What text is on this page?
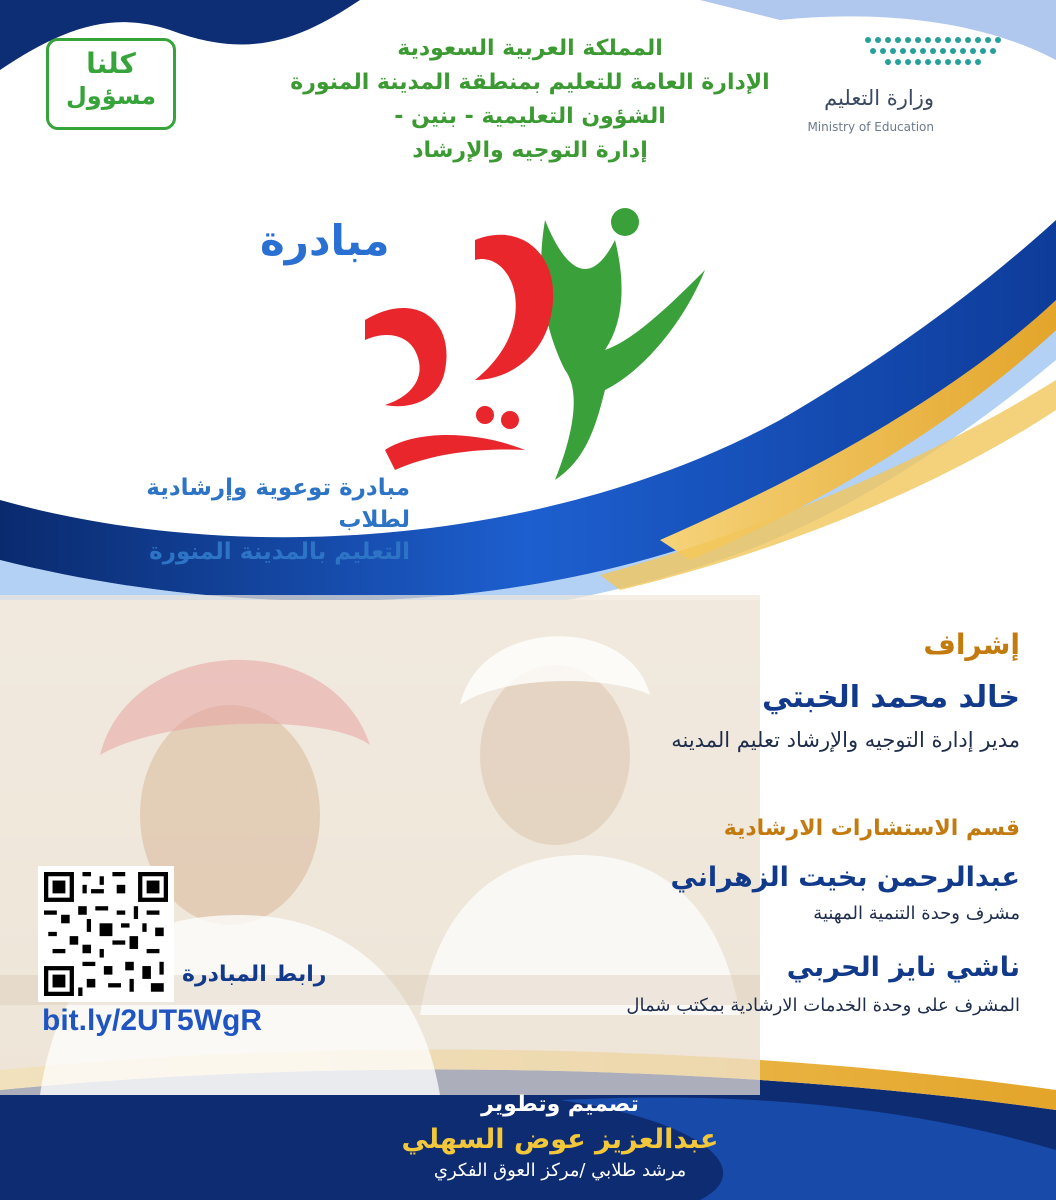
المملكة العربية السعودية
الإدارة العامة للتعليم بمنطقة المدينة المنورة
الشؤون التعليمية - بنين -
إدارة التوجيه والإرشاد
وزارة التعليم
Ministry of Education
كلنا
مسؤول
مبادرة
مبادرة توعوية وإرشادية لطلاب
التعليم بالمدينة المنورة
إشراف
خالد محمد الخبتي
مدير إدارة التوجيه والإرشاد تعليم المدينه
قسم الاستشارات الارشادية
عبدالرحمن بخيت الزهراني
مشرف وحدة التنمية المهنية
ناشي نايز الحربي
المشرف على وحدة الخدمات الارشادية بمكتب شمال
رابط المبادرة
bit.ly/2UT5WgR
تصميم وتطوير
عبدالعزيز عوض السهلي
مرشد طلابي /مركز العوق الفكري
